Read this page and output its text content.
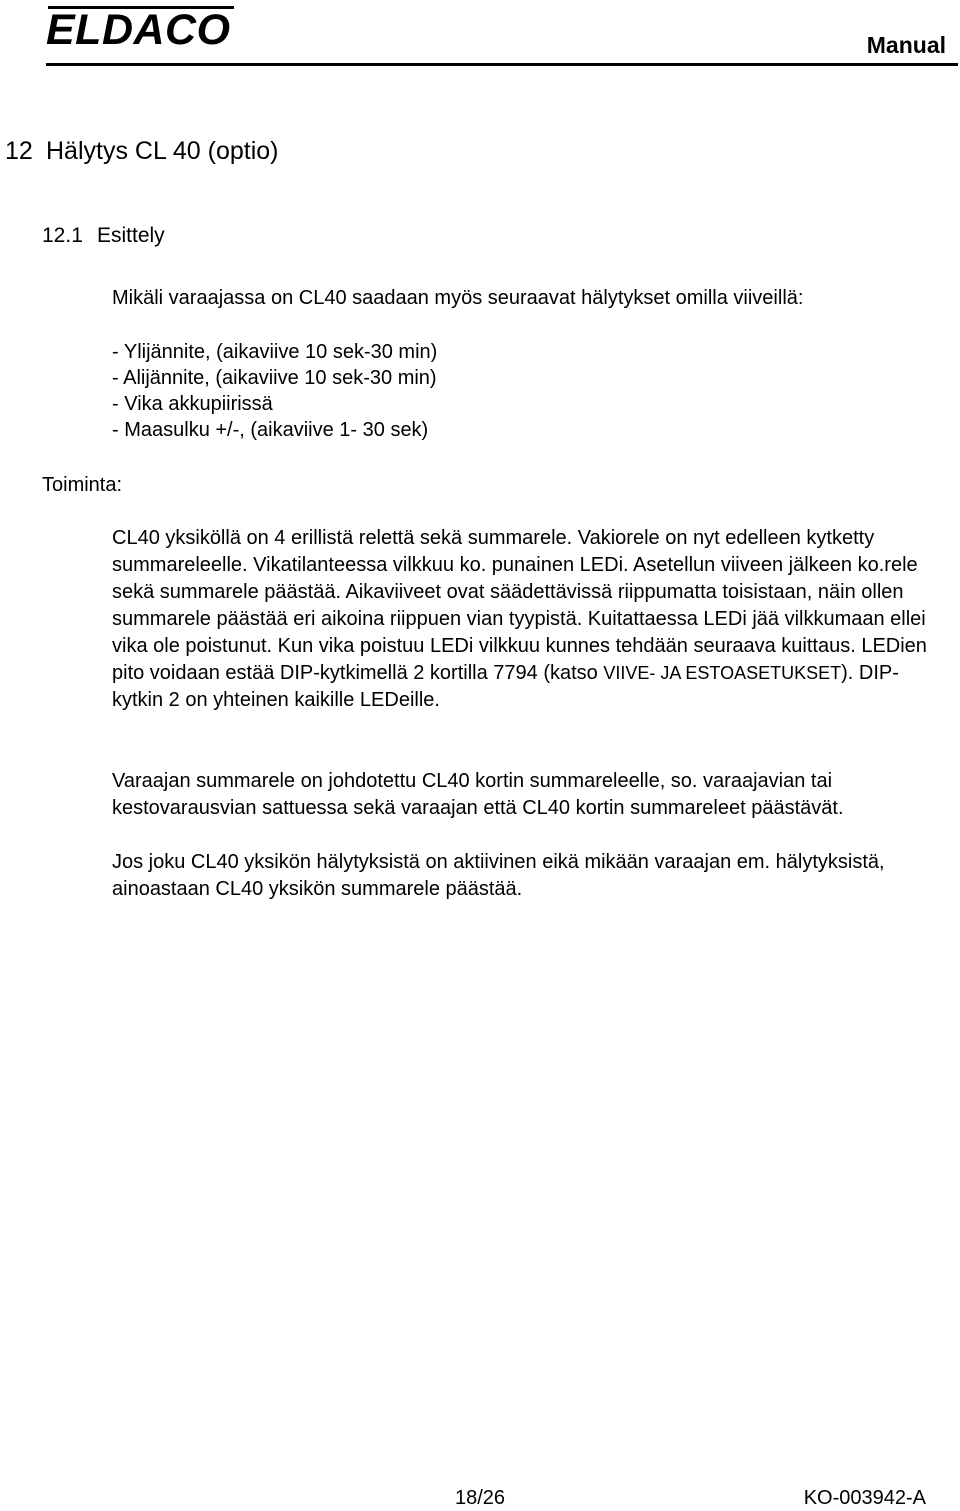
ELDACO	Manual
12 Hälytys CL 40 (optio)
12.1 Esittely
Mikäli varaajassa on CL40 saadaan myös seuraavat hälytykset omilla viiveillä:
- Ylijännite, (aikaviive 10 sek-30 min)
- Alijännite, (aikaviive 10 sek-30 min)
- Vika akkupiirissä
- Maasulku +/-, (aikaviive 1- 30 sek)
Toiminta:

CL40 yksiköllä on 4 erillistä relettä sekä summarele. Vakiorele on nyt edelleen kytketty summareleelle. Vikatilanteessa vilkkuu ko. punainen LEDi. Asetellun viiveen jälkeen ko.rele sekä summarele päästää. Aikaviiveet ovat säädettävissä riippumatta toisistaan, näin ollen summarele päästää eri aikoina riippuen vian tyypistä. Kuitattaessa LEDi jää vilkkumaan ellei vika ole poistunut. Kun vika poistuu LEDi vilkkuu kunnes tehdään seuraava kuittaus. LEDien pito voidaan estää DIP-kytkimellä 2 kortilla 7794 (katso VIIVE- JA ESTOASETUKSET). DIP-kytkin 2 on yhteinen kaikille LEDeille.

Varaajan summarele on johdotettu CL40 kortin summareleelle, so. varaajavian tai kestovarausvian sattuessa sekä varaajan että CL40 kortin summareleet päästävät.

Jos joku CL40 yksikön hälytyksistä on aktiivinen eikä mikään varaajan em. hälytyksistä, ainoastaan CL40 yksikön summarele päästää.

18/26	KO-003942-A
